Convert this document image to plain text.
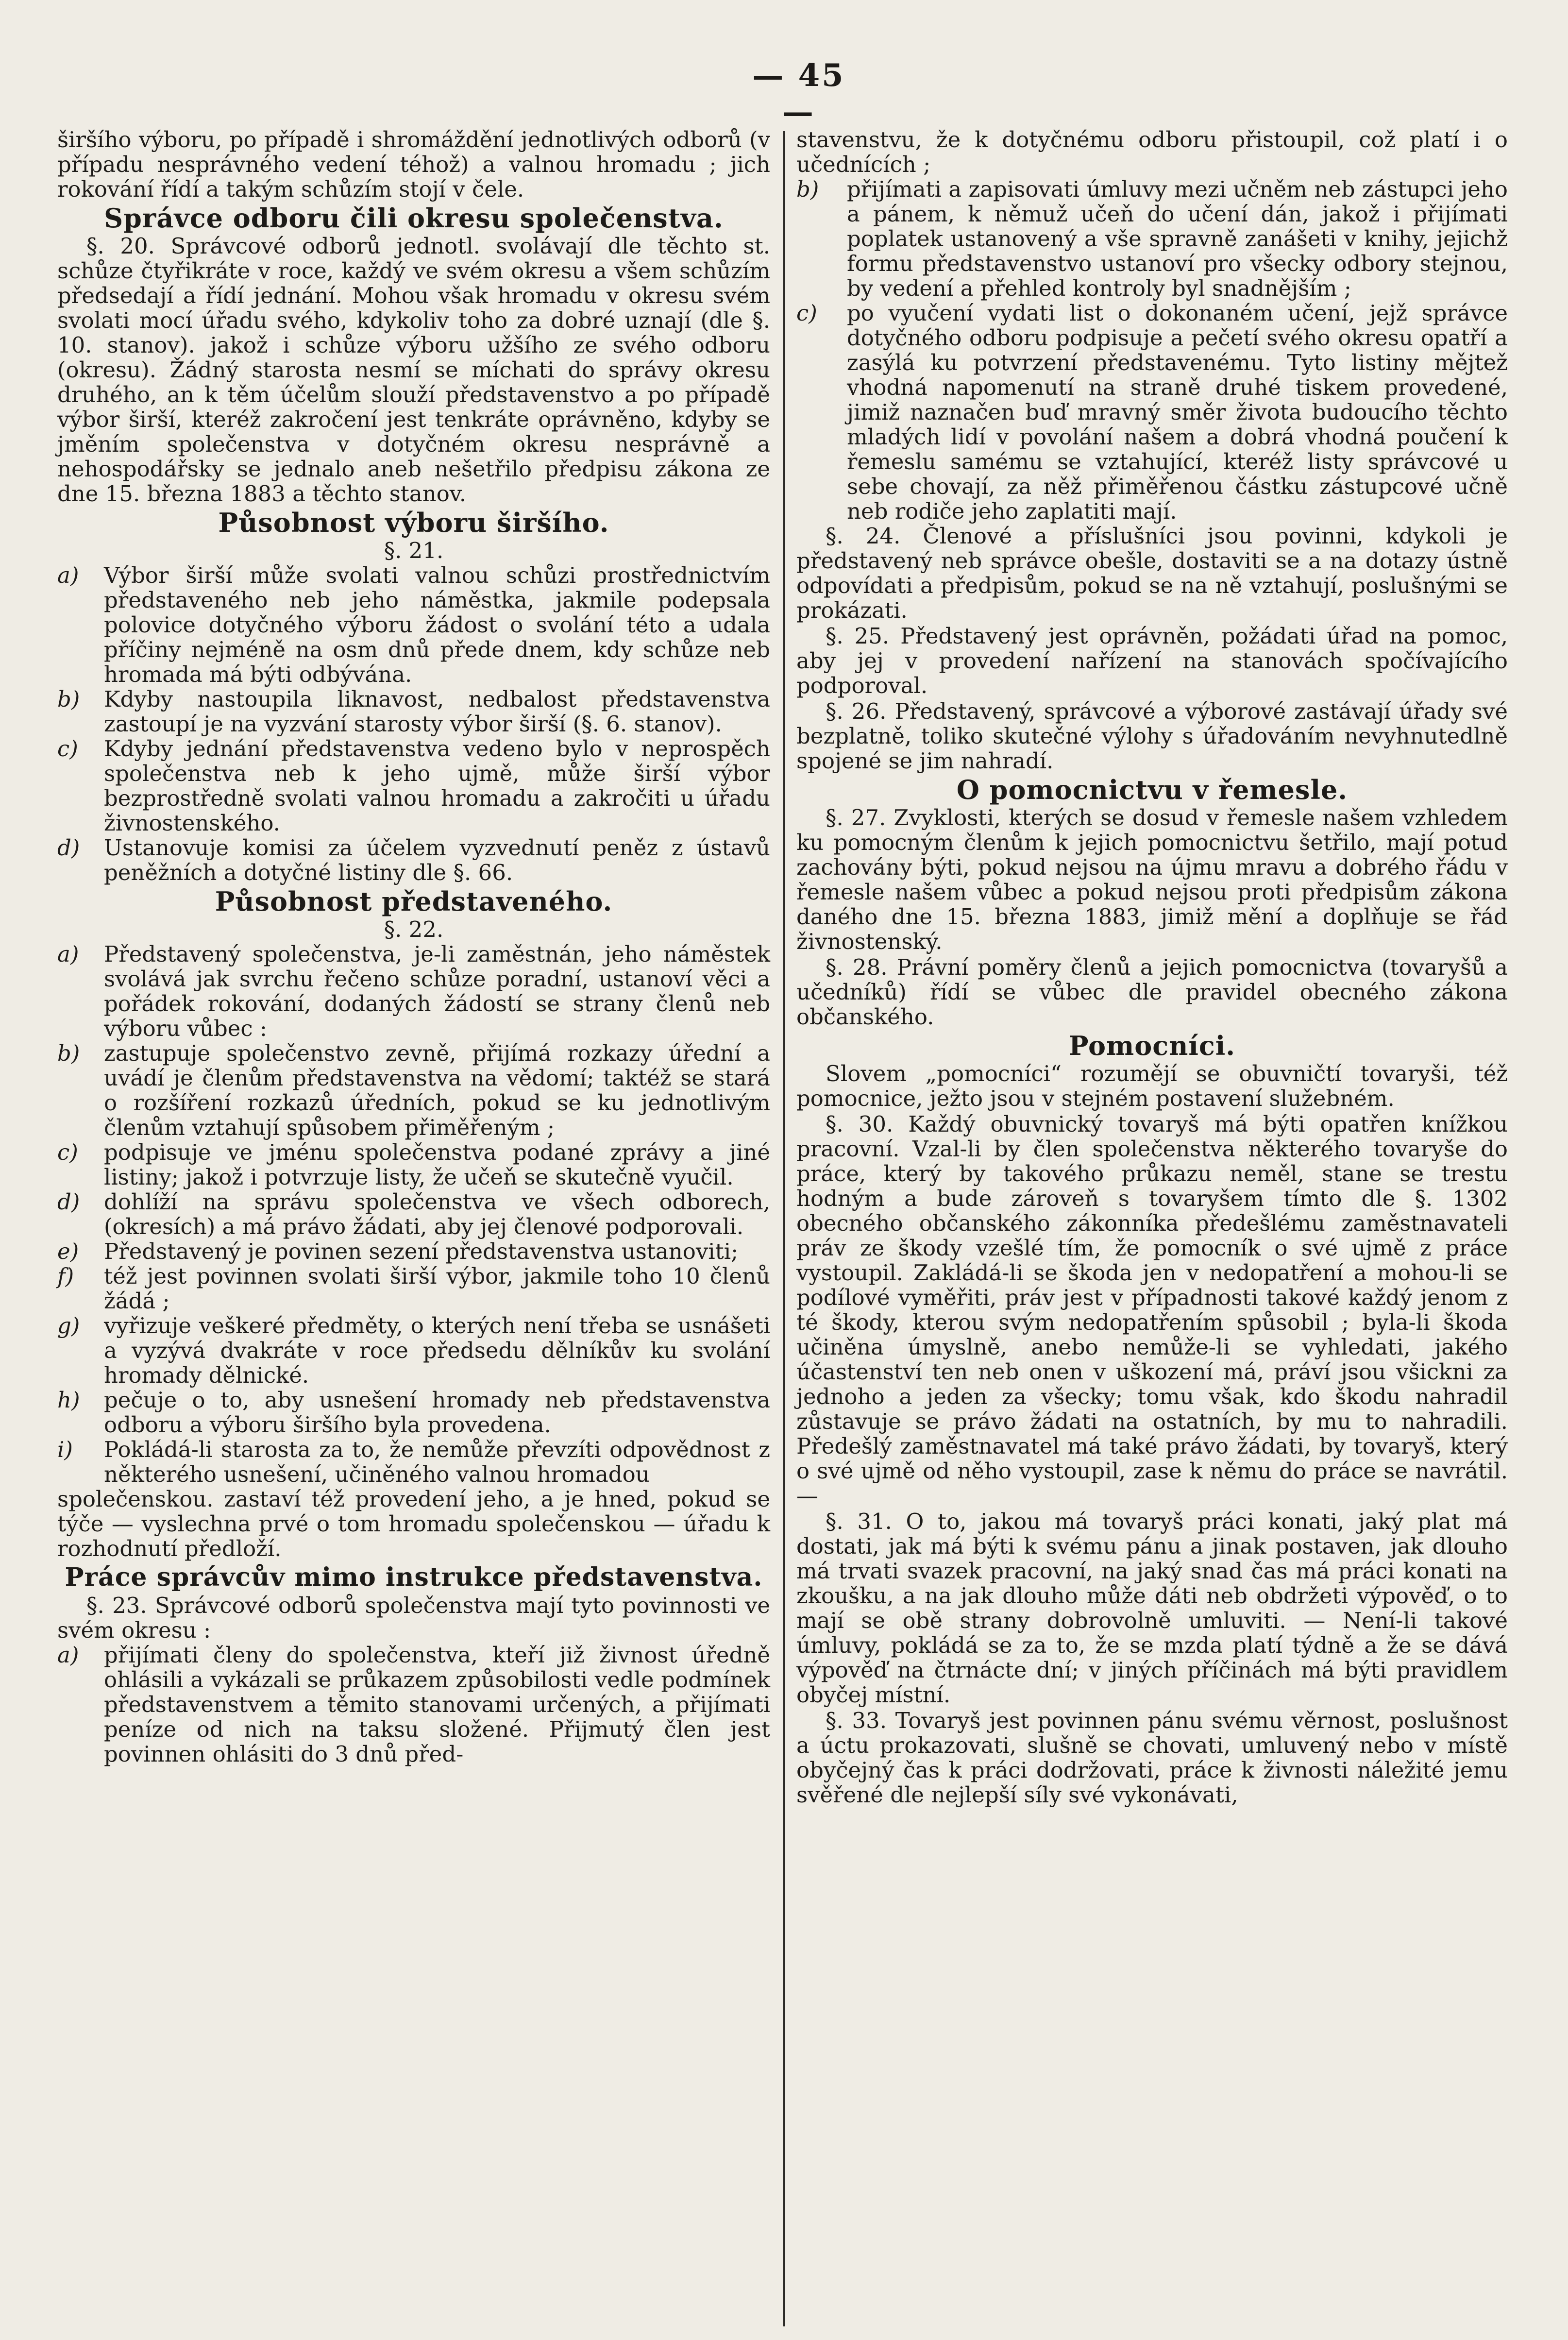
— 45 —

širšího výboru, po případě i shromáždění jednotlivých odborů (v případu nesprávného vedení téhož) a valnou hromadu ; jich rokování řídí a takým schůzím stojí v čele.

Správce odboru čili okresu společenstva.

§. 20. Správcové odborů jednotl. svolávají dle těchto st. schůze čtyřikráte v roce, každý ve svém okresu a všem schůzím předsedají a řídí jednání. Mohou však hromadu v okresu svém svolati mocí úřadu svého, kdykoliv toho za dobré uznají (dle §. 10. stanov). jakož i schůze výboru užšího ze svého odboru (okresu). Žádný starosta nesmí se míchati do správy okresu druhého, an k těm účelům slouží představenstvo a po případě výbor širší, kteréž zakročení jest tenkráte oprávněno, kdyby se jměním společenstva v dotyčném okresu nesprávně a nehospodářsky se jednalo aneb nešetřilo předpisu zákona ze dne 15. března 1883 a těchto stanov.

Působnost výboru širšího.
§. 21.
a)	Výbor širší může svolati valnou schůzi prostřednictvím představeného neb jeho náměstka, jakmile podepsala polovice dotyčného výboru žádost o svolání této a udala příčiny nejméně na osm dnů přede dnem, kdy schůze neb hromada má býti odbývána.
b)	Kdyby nastoupila liknavost, nedbalost představenstva zastoupí je na vyzvání starosty výbor širší (§. 6. stanov).
c)	Kdyby jednání představenstva vedeno bylo v neprospěch společenstva neb k jeho ujmě, může širší výbor bezprostředně svolati valnou hromadu a zakročiti u úřadu živnostenského.
d)	Ustanovuje komisi za účelem vyzvednutí peněz z ústavů peněžních a dotyčné listiny dle §. 66.
Působnost představeného.
§. 22.
a)	Představený společenstva, je-li zaměstnán, jeho náměstek svolává jak svrchu řečeno schůze poradní, ustanoví věci a pořádek rokování, dodaných žádostí se strany členů neb výboru vůbec :
b)	zastupuje společenstvo zevně, přijímá rozkazy úřední a uvádí je členům představenstva na vědomí; taktéž se stará o rozšíření rozkazů úředních, pokud se ku jednotlivým členům vztahují spůsobem přiměřeným ;
c)	podpisuje ve jménu společenstva podané zprávy a jiné listiny; jakož i potvrzuje listy, že učeň se skutečně vyučil.
d)	dohlíží na správu společenstva ve všech odborech, (okresích) a má právo žádati, aby jej členové podporovali.
e)	Představený je povinen sezení představenstva ustanoviti;
f)	též jest povinnen svolati širší výbor, jakmile toho 10 členů žádá ;
g)	vyřizuje veškeré předměty, o kterých není třeba se usnášeti a vyzývá dvakráte v roce předsedu dělníkův ku svolání hromady dělnické.
h)	pečuje o to, aby usnešení hromady neb představenstva odboru a výboru širšího byla provedena.
i)	Pokládá-li starosta za to, že nemůže převzíti odpovědnost z některého usnešení, učiněného valnou hromadou

společenskou. zastaví též provedení jeho, a je hned, pokud se týče — vyslechna prvé o tom hromadu společenskou — úřadu k rozhodnutí předloží.

Práce správcův mimo instrukce představenstva.

§. 23. Správcové odborů společenstva mají tyto povinnosti ve svém okresu :

a)	přijímati členy do společenstva, kteří již živnost úředně ohlásili a vykázali se průkazem způsobilosti vedle podmínek představenstvem a těmito stanovami určených, a přijímati peníze od nich na taksu složené. Přijmutý člen jest povinnen ohlásiti do 3 dnů před-

stavenstvu, že k dotyčnému odboru přistoupil, což platí i o učednících ;

b)	přijímati a zapisovati úmluvy mezi učněm neb zástupci jeho a pánem, k němuž učeň do učení dán, jakož i přijímati poplatek ustanovený a vše spravně zanášeti v knihy, jejichž formu představenstvo ustanoví pro všecky odbory stejnou, by vedení a přehled kontroly byl snadnějším ;
c)	po vyučení vydati list o dokonaném učení, jejž správce dotyčného odboru podpisuje a pečetí svého okresu opatří a zasýlá ku potvrzení představenému. Tyto listiny mějtež vhodná napomenutí na straně druhé tiskem provedené, jimiž naznačen buď mravný směr života budoucího těchto mladých lidí v povolání našem a dobrá vhodná poučení k řemeslu samému se vztahující, kteréž listy správcové u sebe chovají, za něž přiměřenou částku zástupcové učně neb rodiče jeho zaplatiti mají.

§. 24. Členové a příslušníci jsou povinni, kdykoli je představený neb správce obešle, dostaviti se a na dotazy ústně odpovídati a předpisům, pokud se na ně vztahují, poslušnými se prokázati.

§. 25. Představený jest oprávněn, požádati úřad na pomoc, aby jej v provedení nařízení na stanovách spočívajícího podporoval.

§. 26. Představený, správcové a výborové zastávají úřady své bezplatně, toliko skutečné výlohy s úřadováním nevyhnutedlně spojené se jim nahradí.

O pomocnictvu v řemesle.

§. 27. Zvyklosti, kterých se dosud v řemesle našem vzhledem ku pomocným členům k jejich pomocnictvu šetřilo, mají potud zachovány býti, pokud nejsou na újmu mravu a dobrého řádu v řemesle našem vůbec a pokud nejsou proti předpisům zákona daného dne 15. března 1883, jimiž mění a doplňuje se řád živnostenský.

§. 28. Právní poměry členů a jejich pomocnictva (tovaryšů a učedníků) řídí se vůbec dle pravidel obecného zákona občanského.

Pomocníci.

Slovem „pomocníci“ rozumějí se obuvničtí tovaryši, též pomocnice, ježto jsou v stejném postavení služebném.

§. 30. Každý obuvnický tovaryš má býti opatřen knížkou pracovní. Vzal-li by člen společenstva některého tovaryše do práce, který by takového průkazu neměl, stane se trestu hodným a bude zároveň s tovaryšem tímto dle §. 1302 obecného občanského zákonníka předešlému zaměstnavateli práv ze škody vzešlé tím, že pomocník o své ujmě z práce vystoupil. Zakládá-li se škoda jen v nedopatření a mohou-li se podílové vyměřiti, práv jest v případnosti takové každý jenom z té škody, kterou svým nedopatřením spůsobil ; byla-li škoda učiněna úmyslně, anebo nemůže-li se vyhledati, jakého účastenství ten neb onen v uškození má, práví jsou všickni za jednoho a jeden za všecky; tomu však, kdo škodu nahradil zůstavuje se právo žádati na ostatních, by mu to nahradili. Předešlý zaměstnavatel má také právo žádati, by tovaryš, který o své ujmě od něho vystoupil, zase k němu do práce se navrátil. —

§. 31. O to, jakou má tovaryš práci konati, jaký plat má dostati, jak má býti k svému pánu a jinak postaven, jak dlouho má trvati svazek pracovní, na jaký snad čas má práci konati na zkoušku, a na jak dlouho může dáti neb obdržeti výpověď, o to mají se obě strany dobrovolně umluviti. — Není-li takové úmluvy, pokládá se za to, že se mzda platí týdně a že se dává výpověď na čtrnácte dní; v jiných příčinách má býti pravidlem obyčej místní.

§. 33. Tovaryš jest povinnen pánu svému věrnost, poslušnost a úctu prokazovati, slušně se chovati, umluvený nebo v místě obyčejný čas k práci dodržovati, práce k živnosti náležité jemu svěřené dle nejlepší síly své vykonávati,
